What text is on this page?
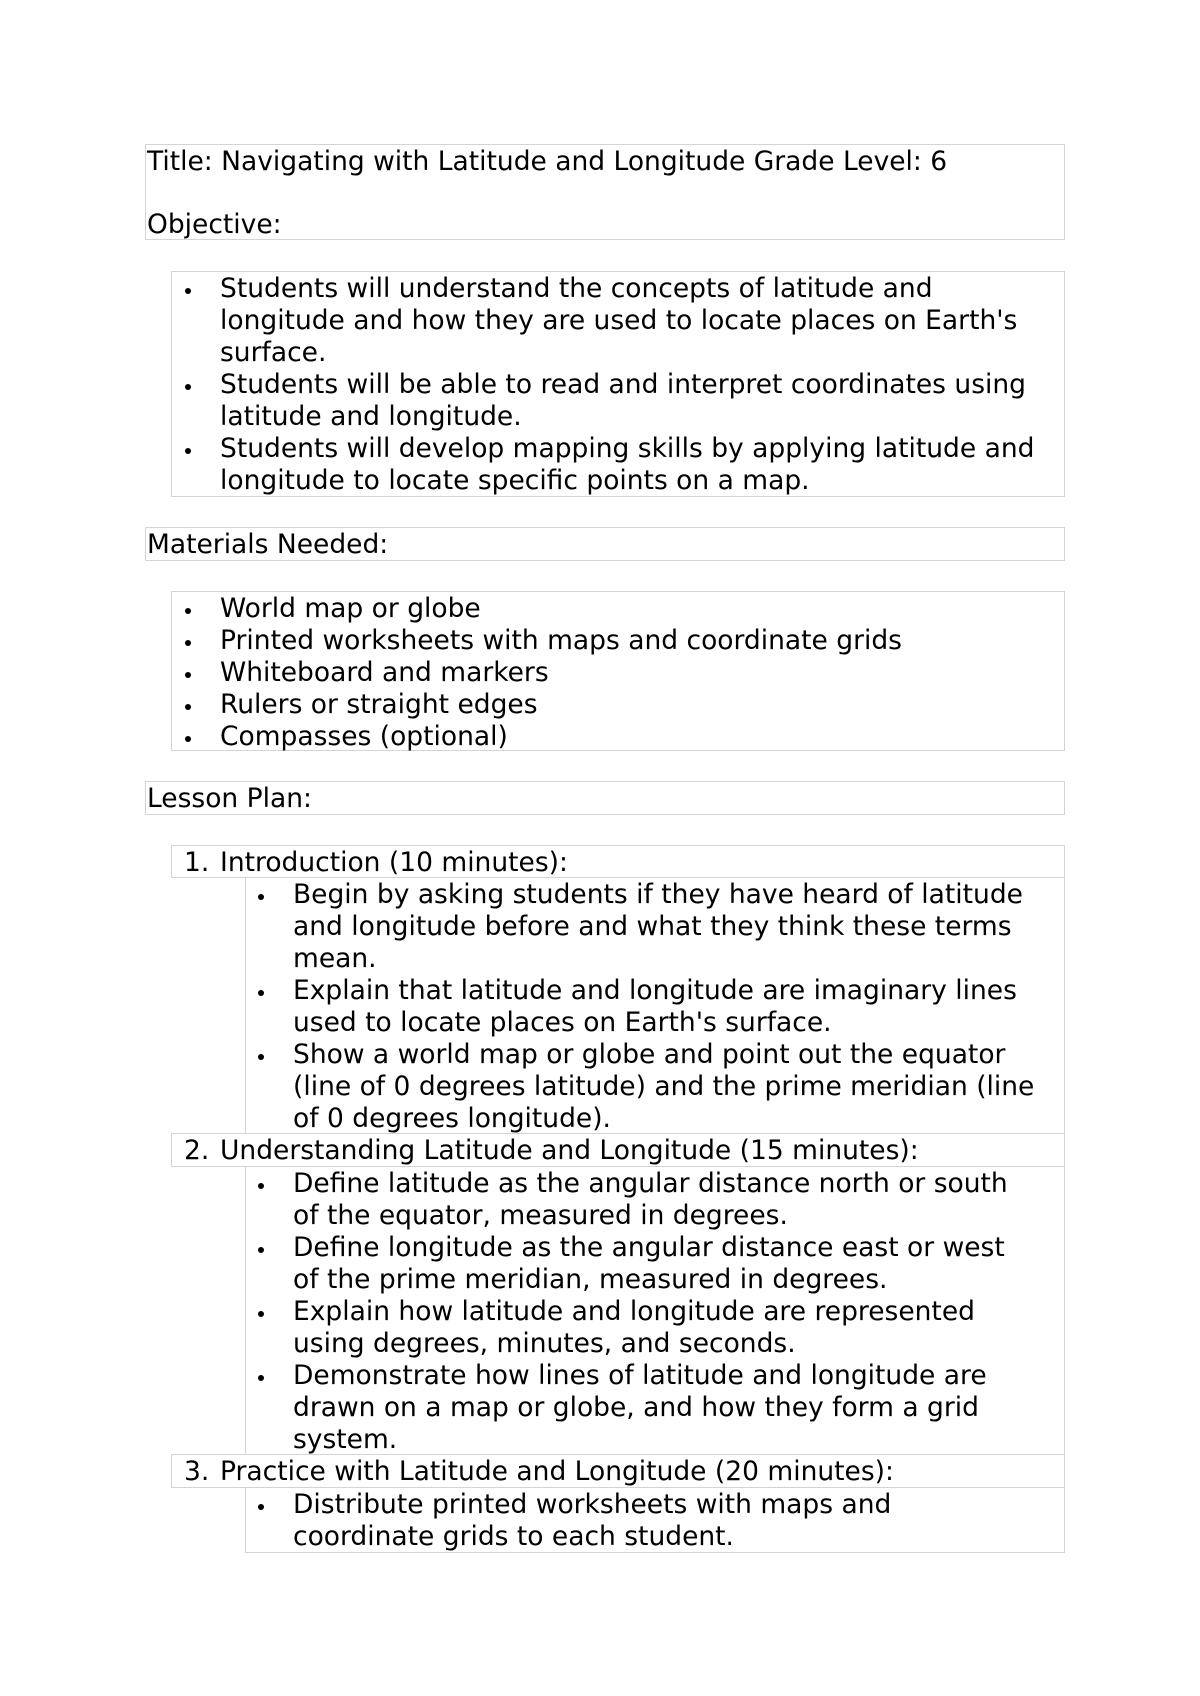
Title: Navigating with Latitude and Longitude Grade Level: 6
Objective:
Students will understand the concepts of latitude and
longitude and how they are used to locate places on Earth's
surface.
Students will be able to read and interpret coordinates using
latitude and longitude.
Students will develop mapping skills by applying latitude and
longitude to locate specific points on a map.
Materials Needed:
World map or globe
Printed worksheets with maps and coordinate grids
Whiteboard and markers
Rulers or straight edges
Compasses (optional)
Lesson Plan:
1. Introduction (10 minutes):
Begin by asking students if they have heard of latitude
and longitude before and what they think these terms
mean.
Explain that latitude and longitude are imaginary lines
used to locate places on Earth's surface.
Show a world map or globe and point out the equator
(line of 0 degrees latitude) and the prime meridian (line
of 0 degrees longitude).
2. Understanding Latitude and Longitude (15 minutes):
Define latitude as the angular distance north or south
of the equator, measured in degrees.
Define longitude as the angular distance east or west
of the prime meridian, measured in degrees.
Explain how latitude and longitude are represented
using degrees, minutes, and seconds.
Demonstrate how lines of latitude and longitude are
drawn on a map or globe, and how they form a grid
system.
3. Practice with Latitude and Longitude (20 minutes):
Distribute printed worksheets with maps and
coordinate grids to each student.
